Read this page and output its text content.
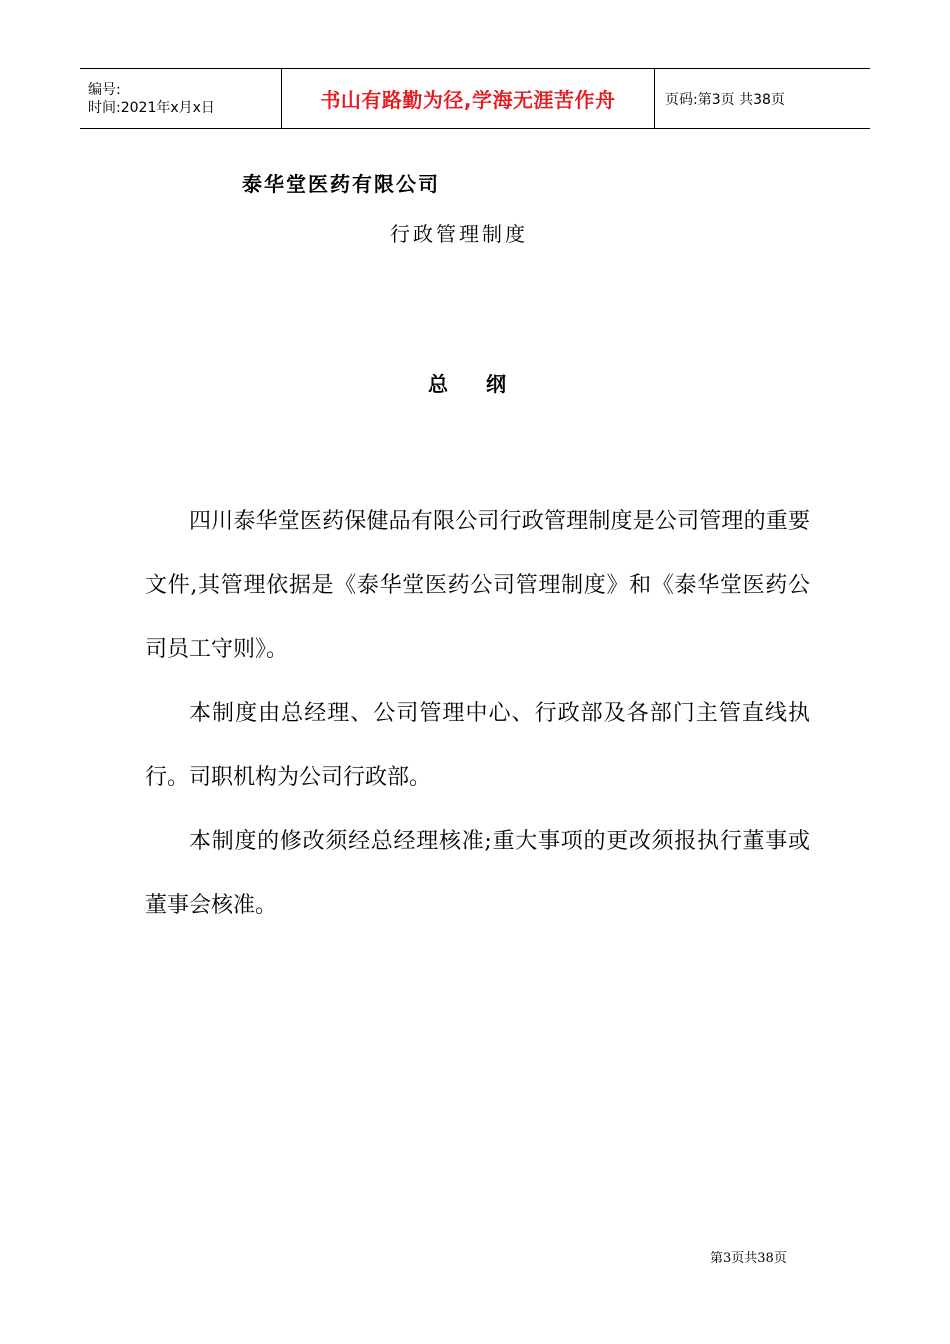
编号:
时间:2021年x月x日	书山有路勤为径,学海无涯苦作舟	页码:第3页 共38页
泰华堂医药有限公司
行政管理制度
总纲

四川泰华堂医药保健品有限公司行政管理制度是公司管理的重要文件,其管理依据是《泰华堂医药公司管理制度》和《泰华堂医药公司员工守则》。

本制度由总经理、公司管理中心、行政部及各部门主管直线执行。司职机构为公司行政部。

本制度的修改须经总经理核准;重大事项的更改须报执行董事或董事会核准。

第3页共38页
